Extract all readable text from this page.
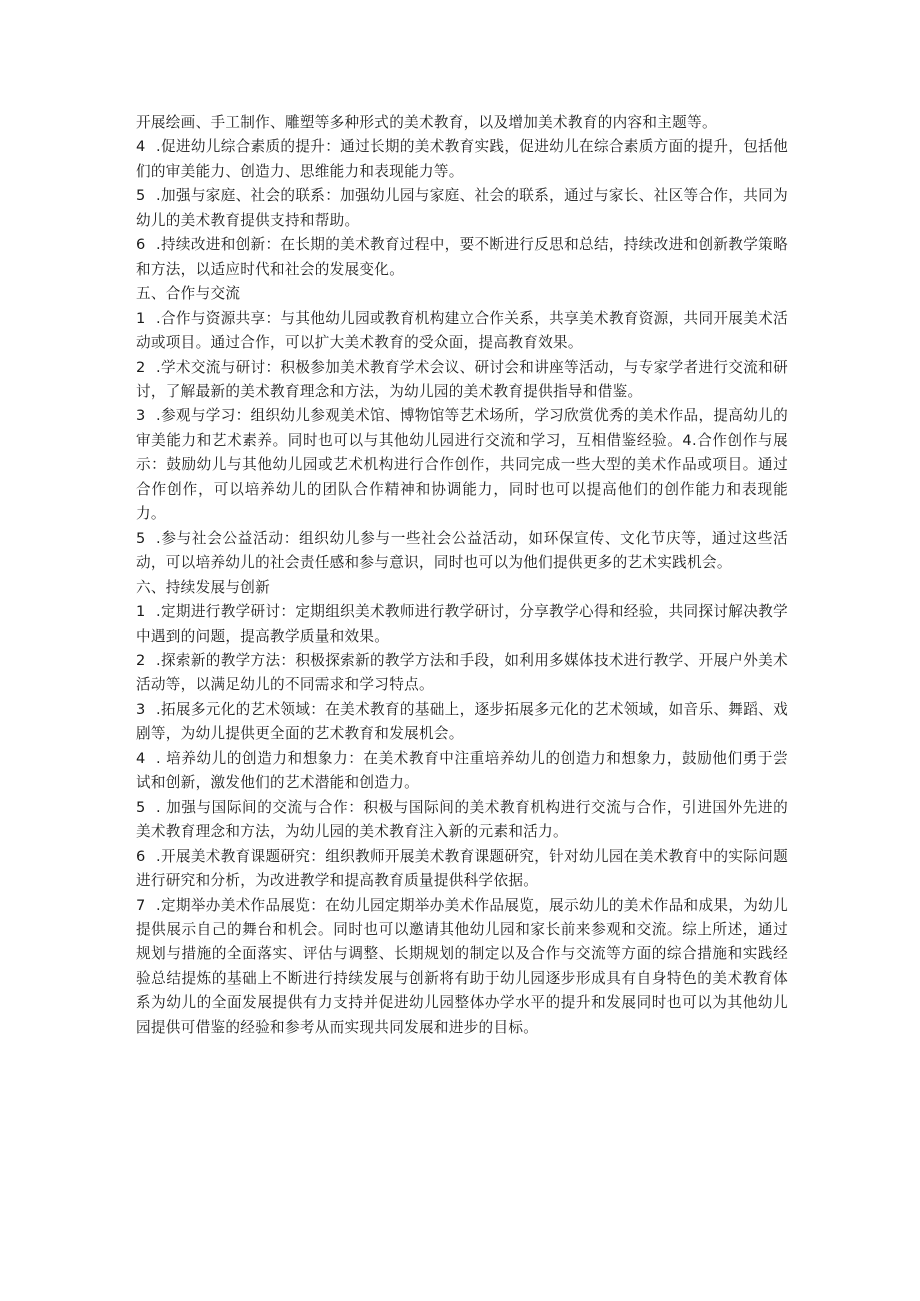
开展绘画、手工制作、雕塑等多种形式的美术教育，以及增加美术教育的内容和主题等。

4 .促进幼儿综合素质的提升：通过长期的美术教育实践，促进幼儿在综合素质方面的提升，包括他们的审美能力、创造力、思维能力和表现能力等。

5 .加强与家庭、社会的联系：加强幼儿园与家庭、社会的联系，通过与家长、社区等合作，共同为幼儿的美术教育提供支持和帮助。

6 .持续改进和创新：在长期的美术教育过程中，要不断进行反思和总结，持续改进和创新教学策略和方法，以适应时代和社会的发展变化。

五、合作与交流

1 .合作与资源共享：与其他幼儿园或教育机构建立合作关系，共享美术教育资源，共同开展美术活动或项目。通过合作，可以扩大美术教育的受众面，提高教育效果。

2 .学术交流与研讨：积极参加美术教育学术会议、研讨会和讲座等活动，与专家学者进行交流和研讨，了解最新的美术教育理念和方法，为幼儿园的美术教育提供指导和借鉴。

3 .参观与学习：组织幼儿参观美术馆、博物馆等艺术场所，学习欣赏优秀的美术作品，提高幼儿的审美能力和艺术素养。同时也可以与其他幼儿园进行交流和学习，互相借鉴经验。4.合作创作与展示：鼓励幼儿与其他幼儿园或艺术机构进行合作创作，共同完成一些大型的美术作品或项目。通过合作创作，可以培养幼儿的团队合作精神和协调能力，同时也可以提高他们的创作能力和表现能力。

5 .参与社会公益活动：组织幼儿参与一些社会公益活动，如环保宣传、文化节庆等，通过这些活动，可以培养幼儿的社会责任感和参与意识，同时也可以为他们提供更多的艺术实践机会。

六、持续发展与创新

1 .定期进行教学研讨：定期组织美术教师进行教学研讨，分享教学心得和经验，共同探讨解决教学中遇到的问题，提高教学质量和效果。

2 .探索新的教学方法：积极探索新的教学方法和手段，如利用多媒体技术进行教学、开展户外美术活动等，以满足幼儿的不同需求和学习特点。

3 .拓展多元化的艺术领域：在美术教育的基础上，逐步拓展多元化的艺术领域，如音乐、舞蹈、戏剧等，为幼儿提供更全面的艺术教育和发展机会。

4 . 培养幼儿的创造力和想象力：在美术教育中注重培养幼儿的创造力和想象力，鼓励他们勇于尝试和创新，激发他们的艺术潜能和创造力。

5 . 加强与国际间的交流与合作：积极与国际间的美术教育机构进行交流与合作，引进国外先进的美术教育理念和方法，为幼儿园的美术教育注入新的元素和活力。

6 .开展美术教育课题研究：组织教师开展美术教育课题研究，针对幼儿园在美术教育中的实际问题进行研究和分析，为改进教学和提高教育质量提供科学依据。

7 .定期举办美术作品展览：在幼儿园定期举办美术作品展览，展示幼儿的美术作品和成果，为幼儿提供展示自己的舞台和机会。同时也可以邀请其他幼儿园和家长前来参观和交流。综上所述，通过规划与措施的全面落实、评估与调整、长期规划的制定以及合作与交流等方面的综合措施和实践经验总结提炼的基础上不断进行持续发展与创新将有助于幼儿园逐步形成具有自身特色的美术教育体系为幼儿的全面发展提供有力支持并促进幼儿园整体办学水平的提升和发展同时也可以为其他幼儿园提供可借鉴的经验和参考从而实现共同发展和进步的目标。
